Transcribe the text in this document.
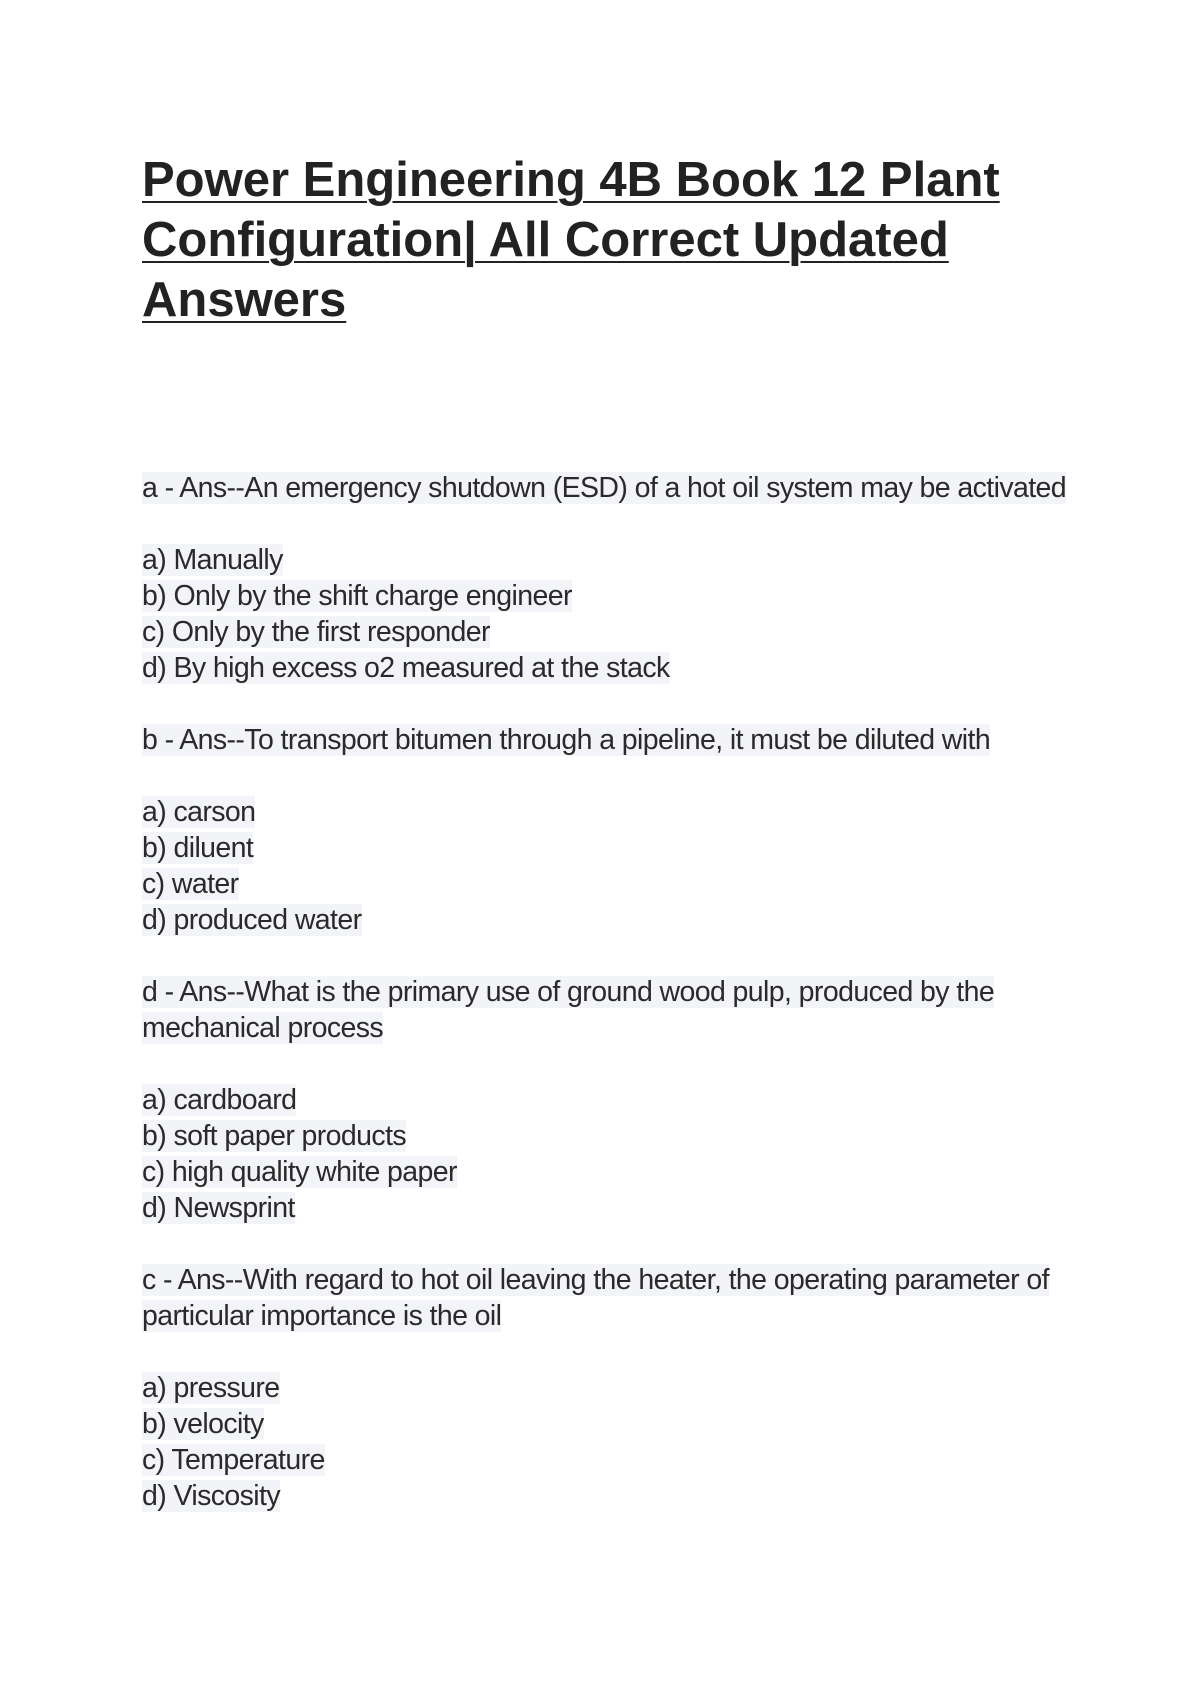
Power Engineering 4B Book 12 Plant Configuration| All Correct Updated Answers

a - Ans--An emergency shutdown (ESD) of a hot oil system may be activated

a) Manually
b) Only by the shift charge engineer
c) Only by the first responder
d) By high excess o2 measured at the stack

b - Ans--To transport bitumen through a pipeline, it must be diluted with

a) carson
b) diluent
c) water
d) produced water

d - Ans--What is the primary use of ground wood pulp, produced by the mechanical process

a) cardboard
b) soft paper products
c) high quality white paper
d) Newsprint

c - Ans--With regard to hot oil leaving the heater, the operating parameter of particular importance is the oil

a) pressure
b) velocity
c) Temperature
d) Viscosity
